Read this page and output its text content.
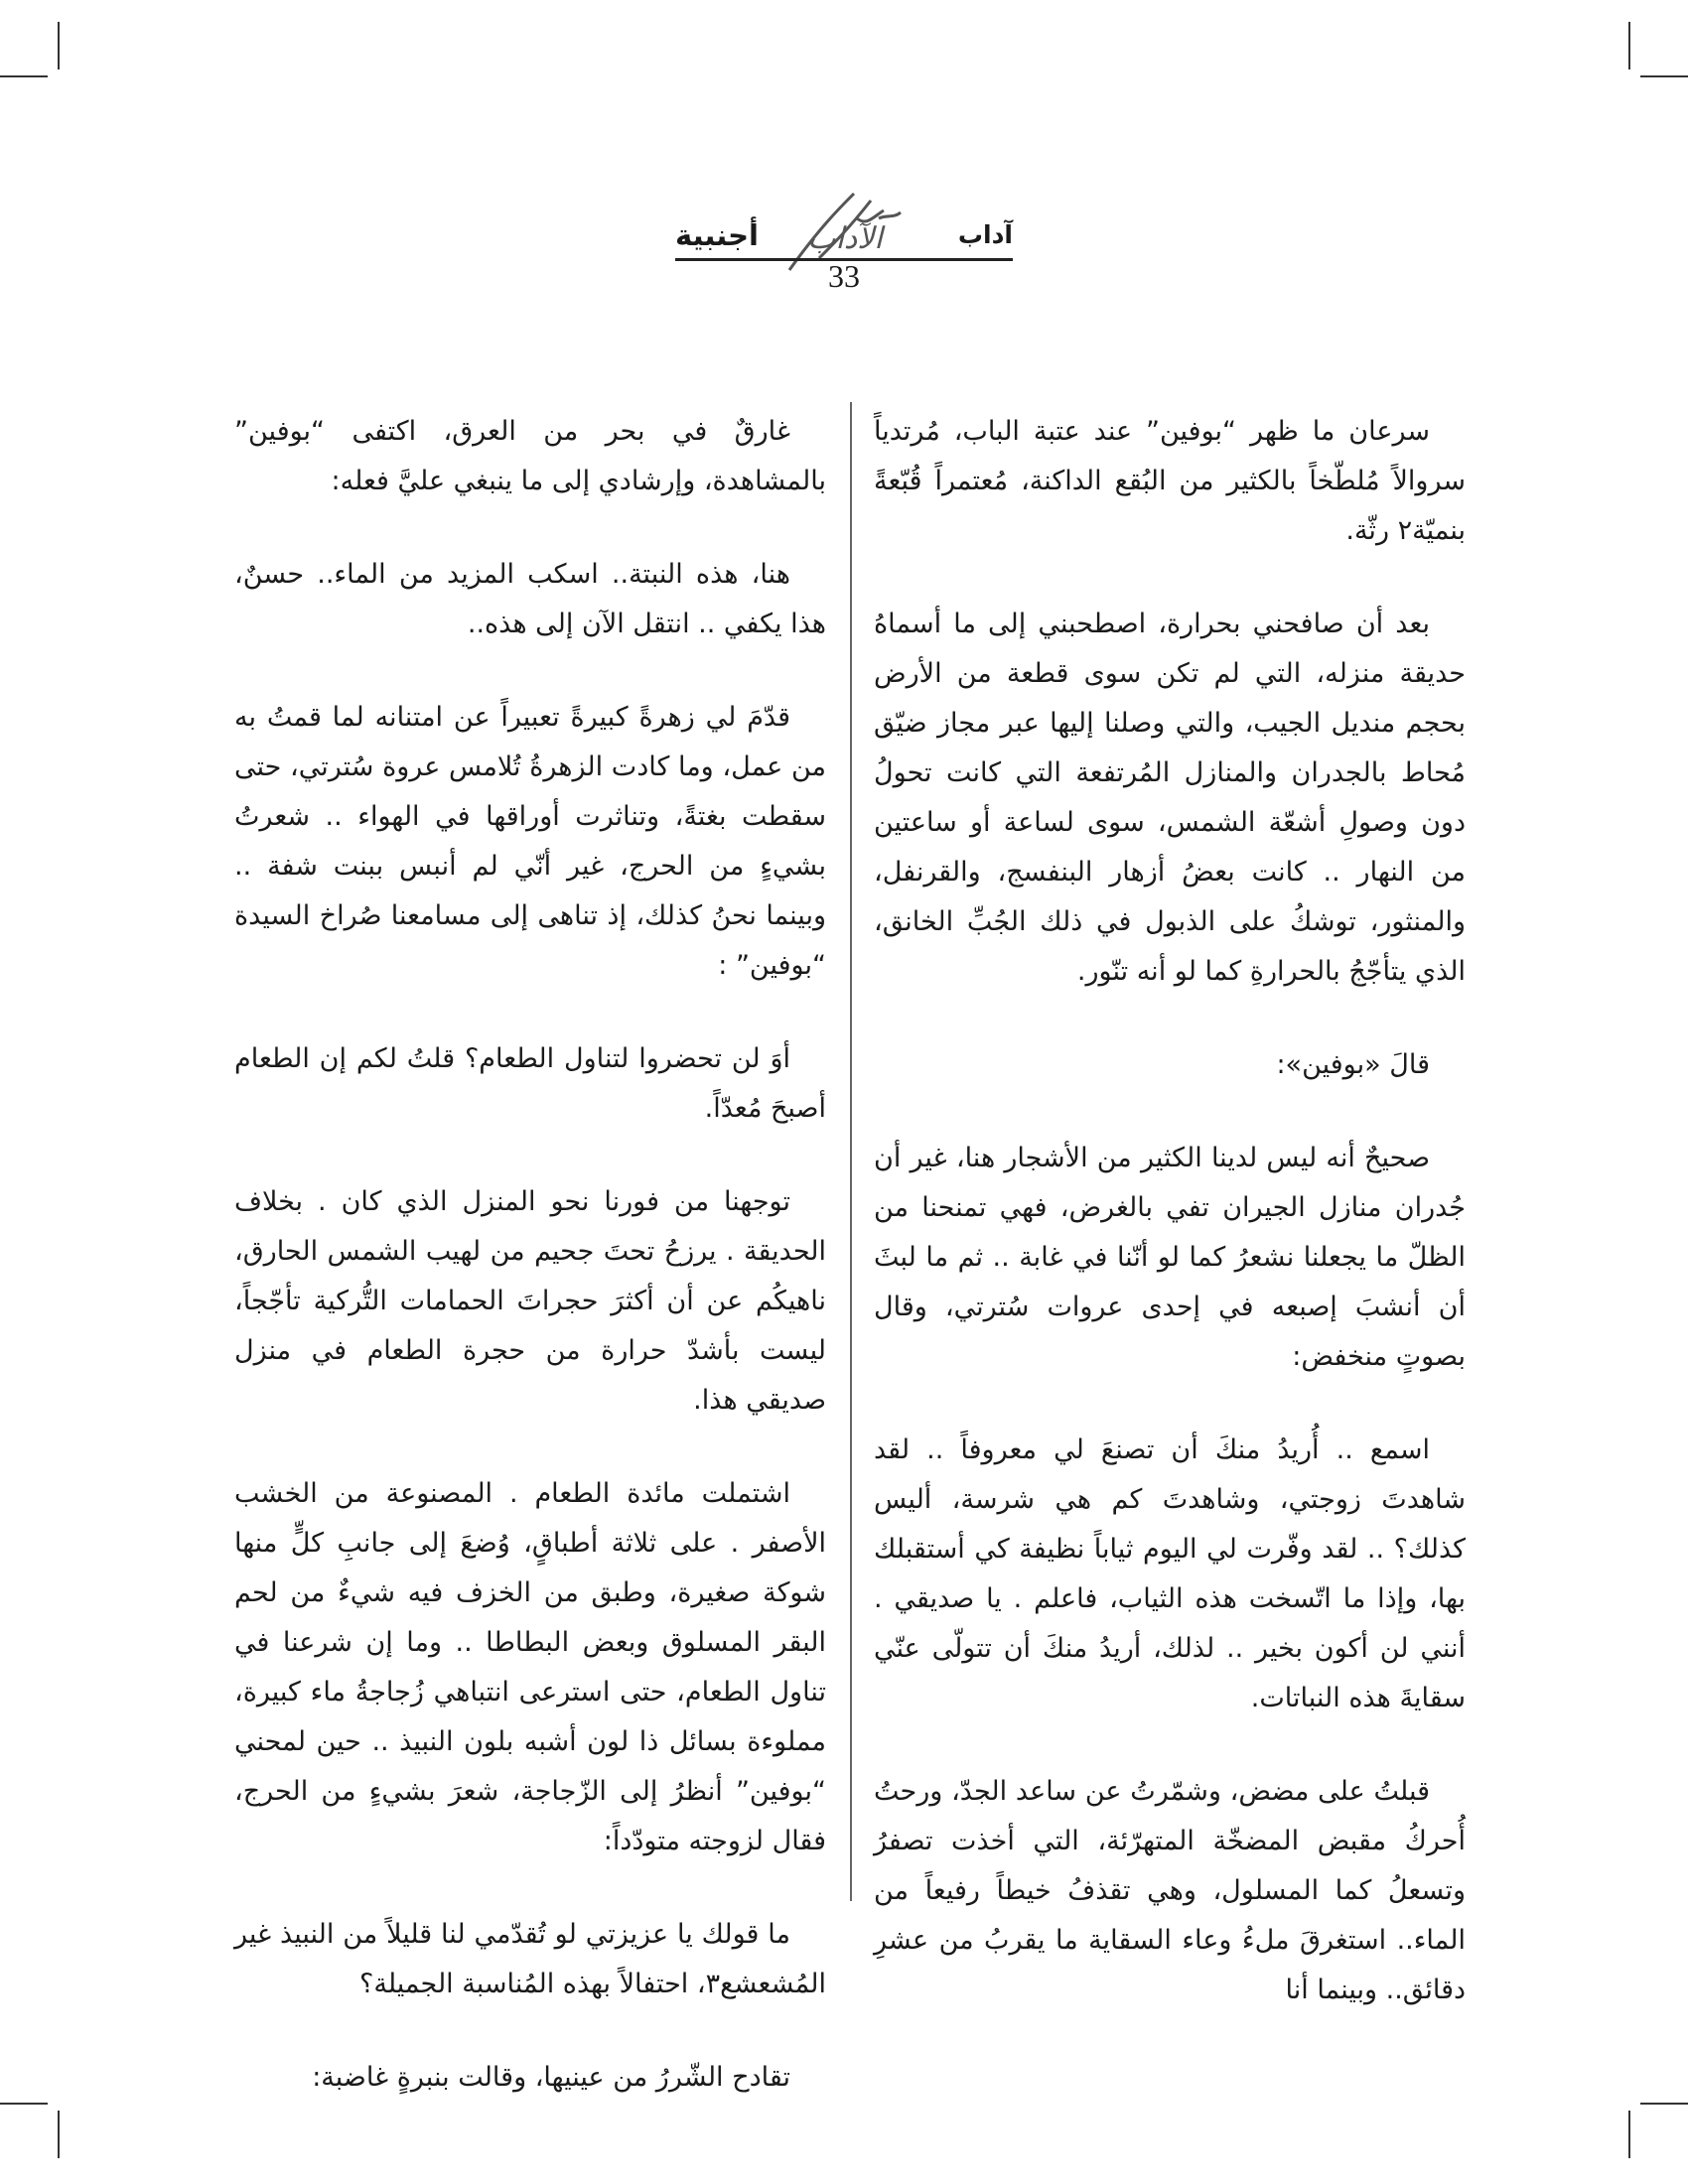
أجنبية	آداب
الآداب
33

سرعان ما ظهر “بوفين” عند عتبة الباب، مُرتدياً سروالاً مُلطّخاً بالكثير من البُقع الداكنة، مُعتمراً قُبّعةً بنميّة٢ رثّة.

بعد أن صافحني بحرارة، اصطحبني إلى ما أسماهُ حديقة منزله، التي لم تكن سوى قطعة من الأرض بحجم منديل الجيب، والتي وصلنا إليها عبر مجاز ضيّق مُحاط بالجدران والمنازل المُرتفعة التي كانت تحولُ دون وصولِ أشعّة الشمس، سوى لساعة أو ساعتين من النهار .. كانت بعضُ أزهار البنفسج، والقرنفل، والمنثور، توشكُ على الذبول في ذلك الجُبِّ الخانق، الذي يتأجّجُ بالحرارةِ كما لو أنه تنّور.

قالَ «بوفين»:

صحيحٌ أنه ليس لدينا الكثير من الأشجار هنا، غير أن جُدران منازل الجيران تفي بالغرض، فهي تمنحنا من الظلّ ما يجعلنا نشعرُ كما لو أنّنا في غابة .. ثم ما لبثَ أن أنشبَ إصبعه في إحدى عروات سُترتي، وقال بصوتٍ منخفض:

اسمع .. أُريدُ منكَ أن تصنعَ لي معروفاً .. لقد شاهدتَ زوجتي، وشاهدتَ كم هي شرسة، أليس كذلك؟ .. لقد وفّرت لي اليوم ثياباً نظيفة كي أستقبلك بها، وإذا ما اتّسخت هذه الثياب، فاعلم . يا صديقي . أنني لن أكون بخير .. لذلك، أريدُ منكَ أن تتولّى عنّي سقايةَ هذه النباتات.

قبلتُ على مضض، وشمّرتُ عن ساعد الجدّ، ورحتُ أُحركُ مقبض المضخّة المتهرّئة، التي أخذت تصفرُ وتسعلُ كما المسلول، وهي تقذفُ خيطاً رفيعاً من الماء.. استغرقَ ملءُ وعاء السقاية ما يقربُ من عشرِ دقائق.. وبينما أنا

غارقٌ في بحر من العرق، اكتفى “بوفين” بالمشاهدة، وإرشادي إلى ما ينبغي عليَّ فعله:

هنا، هذه النبتة.. اسكب المزيد من الماء.. حسنٌ، هذا يكفي .. انتقل الآن إلى هذه..

قدّمَ لي زهرةً كبيرةً تعبيراً عن امتنانه لما قمتُ به من عمل، وما كادت الزهرةُ تُلامس عروة سُترتي، حتى سقطت بغتةً، وتناثرت أوراقها في الهواء .. شعرتُ بشيءٍ من الحرج، غير أنّي لم أنبس ببنت شفة .. وبينما نحنُ كذلك، إذ تناهى إلى مسامعنا صُراخ السيدة “بوفين” :

أوَ لن تحضروا لتناول الطعام؟ قلتُ لكم إن الطعام أصبحَ مُعدّاً.

توجهنا من فورنا نحو المنزل الذي كان . بخلاف الحديقة . يرزحُ تحتَ جحيم من لهيب الشمس الحارق، ناهيكُم عن أن أكثرَ حجراتَ الحمامات التُّركية تأجّجاً، ليست بأشدّ حرارة من حجرة الطعام في منزل صديقي هذا.

اشتملت مائدة الطعام . المصنوعة من الخشب الأصفر . على ثلاثة أطباقٍ، وُضعَ إلى جانبِ كلٍّ منها شوكة صغيرة، وطبق من الخزف فيه شيءٌ من لحم البقر المسلوق وبعض البطاطا .. وما إن شرعنا في تناول الطعام، حتى استرعى انتباهي زُجاجةُ ماء كبيرة، مملوءة بسائل ذا لون أشبه بلون النبيذ .. حين لمحني “بوفين” أنظرُ إلى الزّجاجة، شعرَ بشيءٍ من الحرج، فقال لزوجته متودّداً:

ما قولك يا عزيزتي لو تُقدّمي لنا قليلاً من النبيذ غير المُشعشع٣، احتفالاً بهذه المُناسبة الجميلة؟

تقادح الشّررُ من عينيها، وقالت بنبرةٍ غاضبة:
